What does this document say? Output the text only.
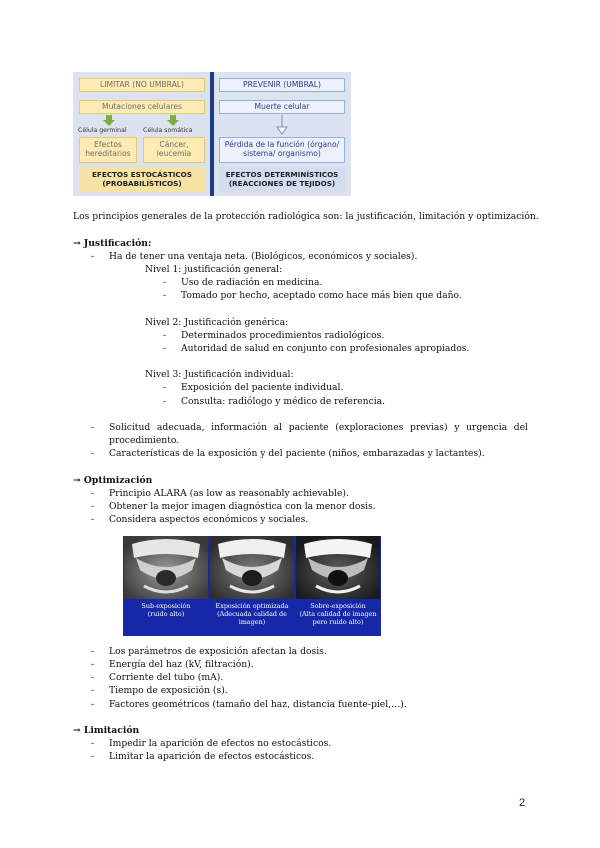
LIMITAR (NO UMBRAL)	PREVENIR (UMBRAL)
Mutaciones celulares	Muerte celular
Célula germinal	Célula somática
Efectos
hereditarios
Cáncer,
leucemia
Pérdida de la función (órgano/
sistema/ organismo)
EFECTOS ESTOCÁSTICOS
(PROBABILÍSTICOS)
EFECTOS DETERMINÍSTICOS
(REACCIONES DE TEJIDOS)
Los principios generales de la protección radiológica son: la justificación, limitación y optimización.
→ Justificación:
- Ha de tener una ventaja neta. (Biológicos, económicos y sociales).
Nivel 1: justificación general:
- Uso de radiación en medicina.
- Tomado por hecho, aceptado como hace más bien que daño.
Nivel 2: Justificación genérica:
- Determinados procedimientos radiológicos.
- Autoridad de salud en conjunto con profesionales apropiados.
Nivel 3: Justificación individual:
- Exposición del paciente individual.
- Consulta: radiólogo y médico de referencia.
- Solicitud adecuada, información al paciente (exploraciones previas) y urgencia del
procedimiento.
- Características de la exposición y del paciente (niños, embarazadas y lactantes).
→ Optimización
- Principio ALARA (as low as reasonably achievable).
- Obtener la mejor imagen diagnóstica con la menor dosis.
- Considera aspectos económicos y sociales.
Sub-exposición
(ruido alto)
Exposición optimizada
(Adecuada calidad de
imagen)
Sobre-exposición
(Alta calidad de imagen
pero ruido alto)
- Los parámetros de exposición afectan la dosis.
- Energía del haz (kV, filtración).
- Corriente del tubo (mA).
- Tiempo de exposición (s).
- Factores geométricos (tamaño del haz, distancia fuente-piel,…).
→ Limitación
- Impedir la aparición de efectos no estocásticos.
- Limitar la aparición de efectos estocásticos.
2
